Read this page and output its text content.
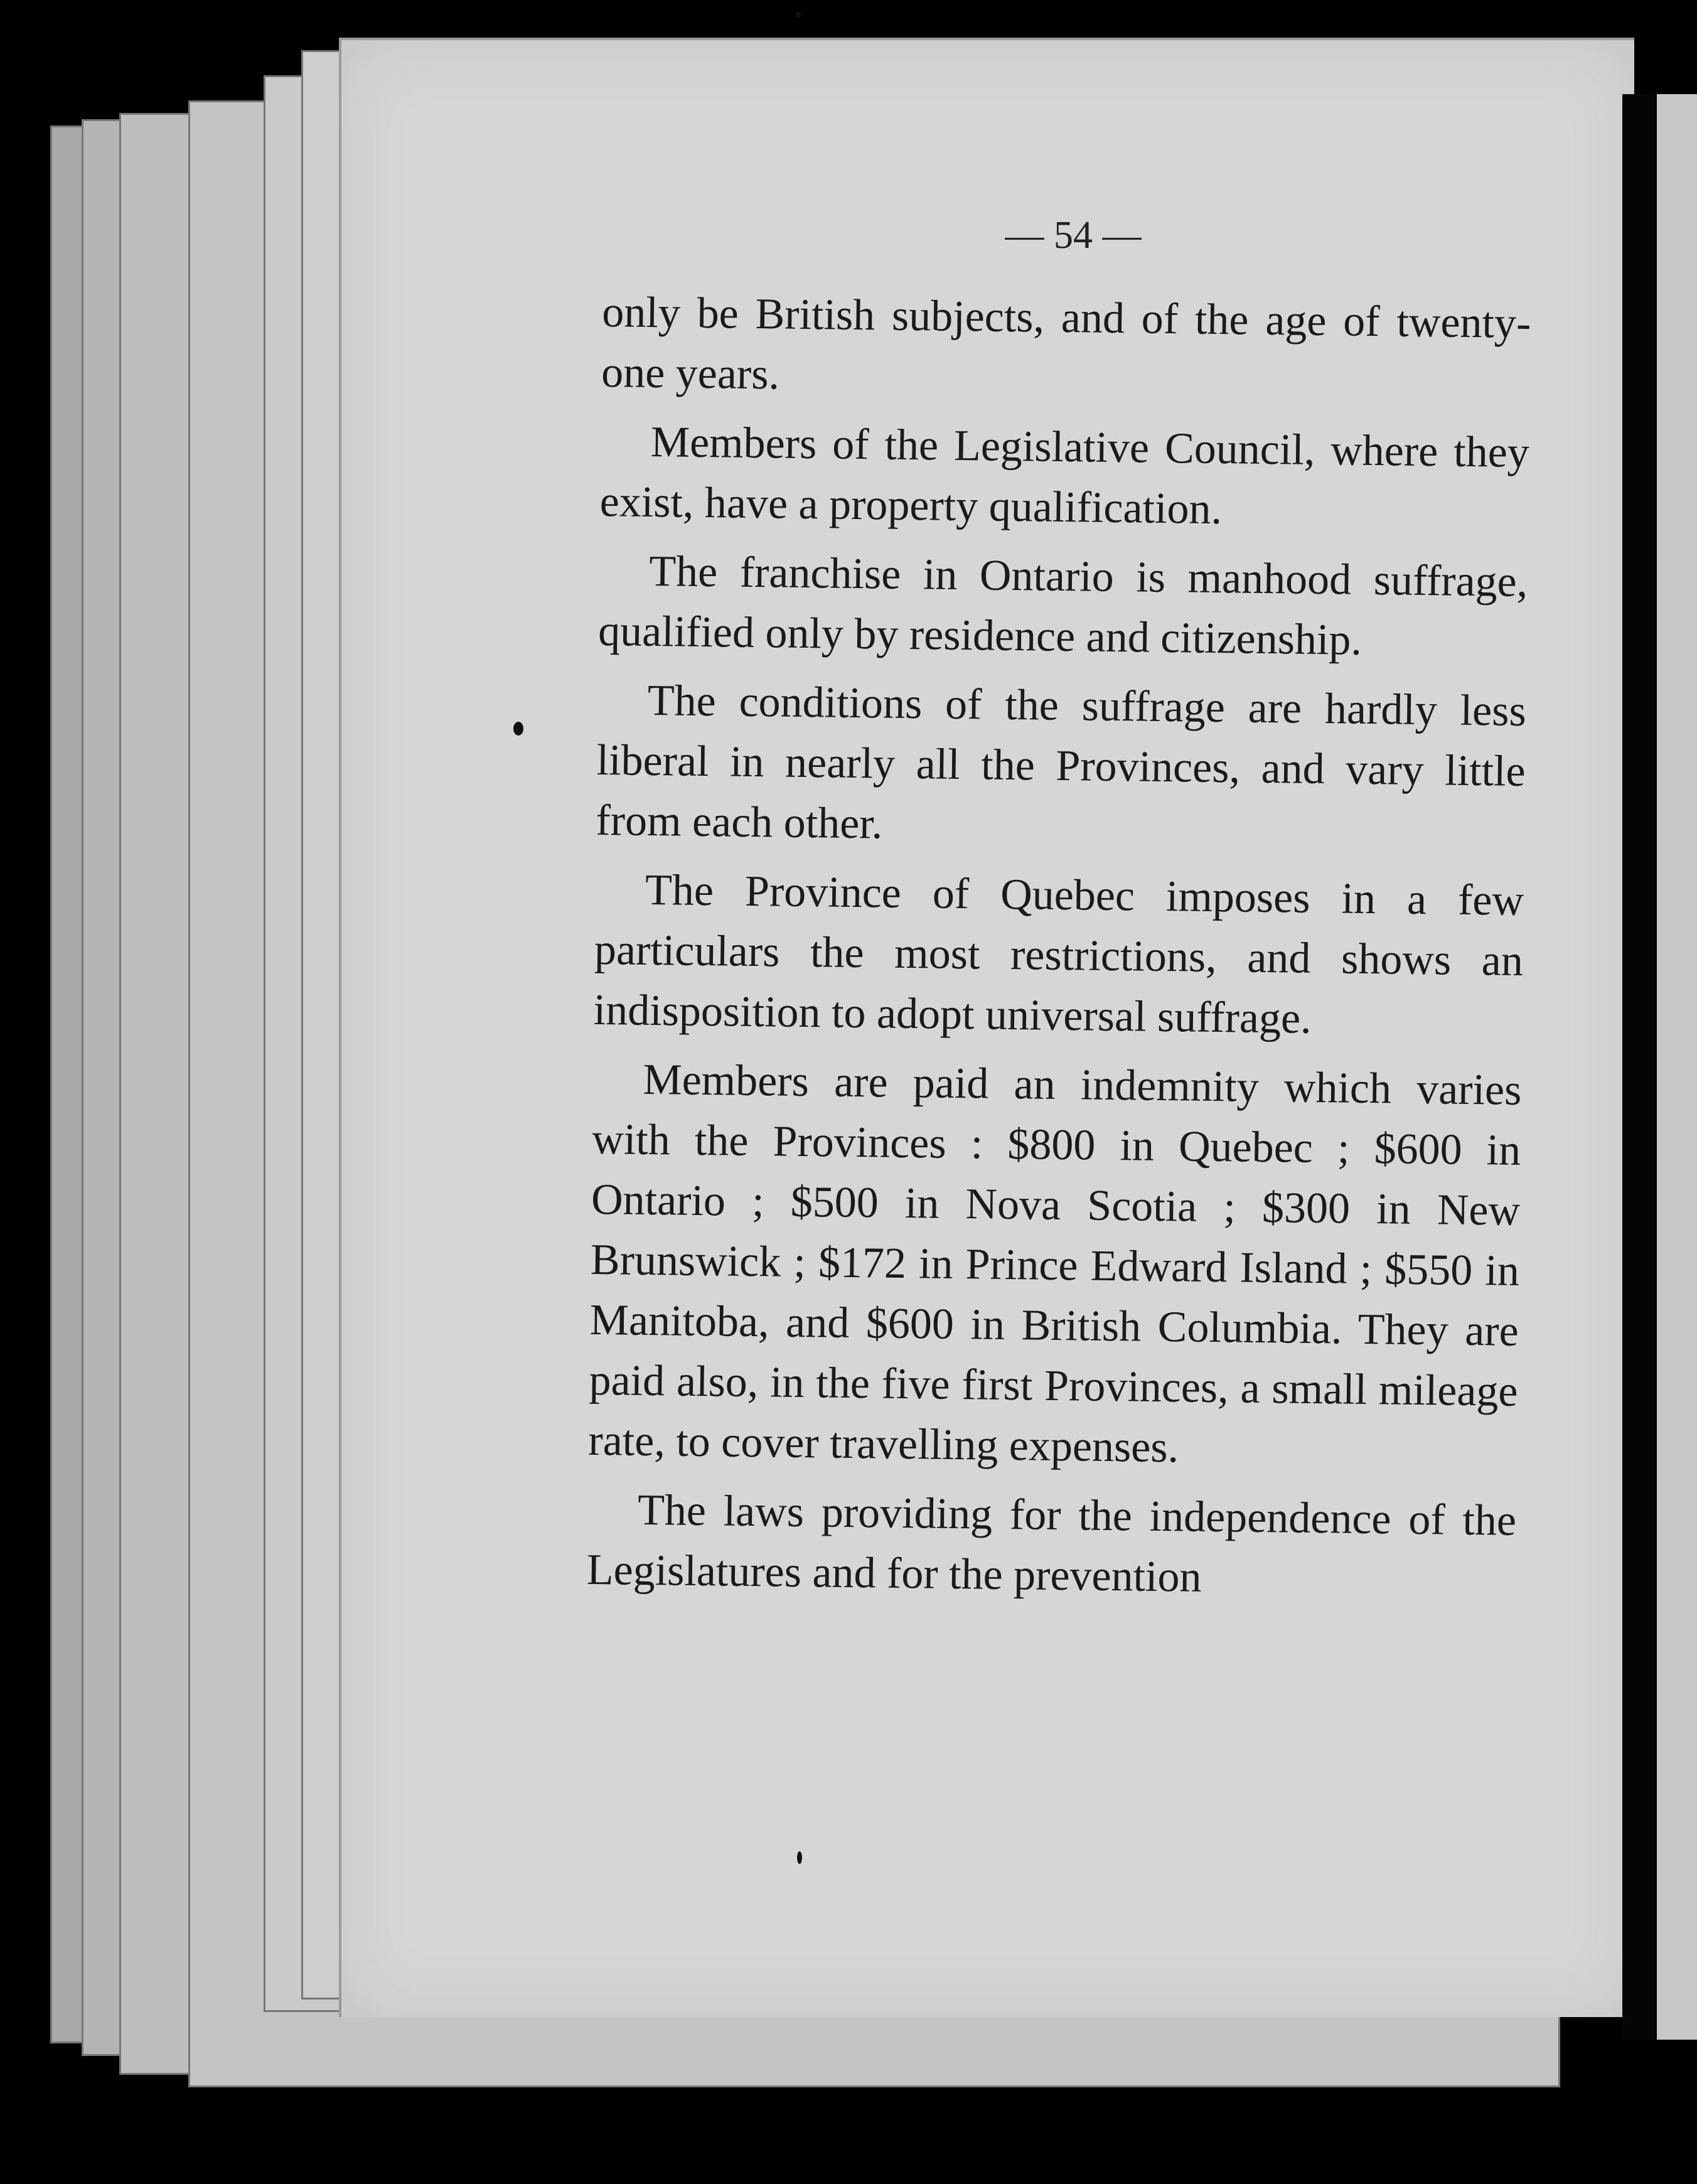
— 54 —

only be British subjects, and of the age of twenty-one years.

Members of the Legislative Council, where they exist, have a property qualification.

The franchise in Ontario is manhood suffrage, qualified only by residence and citizenship.

The conditions of the suffrage are hardly less liberal in nearly all the Provinces, and vary little from each other.

The Province of Quebec imposes in a few particulars the most restrictions, and shows an indisposition to adopt universal suffrage.

Members are paid an indemnity which varies with the Provinces : $800 in Quebec ; $600 in Ontario ; $500 in Nova Scotia ; $300 in New Brunswick ; $172 in Prince Edward Island ; $550 in Manitoba, and $600 in British Columbia. They are paid also, in the five first Provinces, a small mileage rate, to cover travelling expenses.

The laws providing for the independence of the Legislatures and for the prevention
